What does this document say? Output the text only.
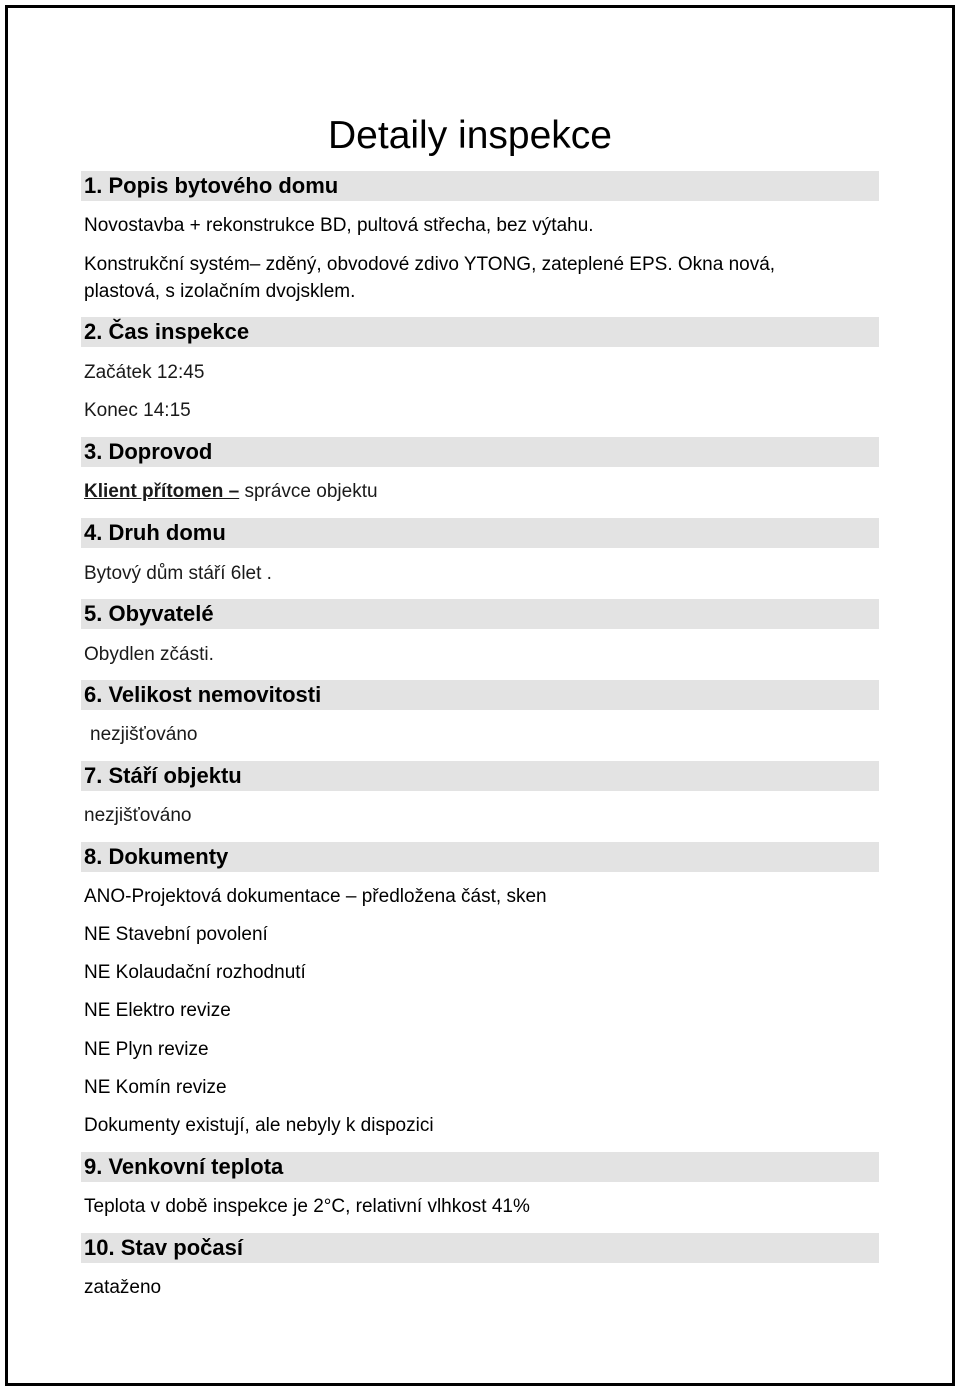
Detaily inspekce
1. Popis bytového domu
Novostavba + rekonstrukce BD, pultová střecha, bez výtahu.
Konstrukční systém– zděný, obvodové zdivo YTONG, zateplené EPS. Okna nová,
plastová, s izolačním dvojsklem.
2. Čas inspekce
Začátek 12:45
Konec 14:15
3. Doprovod
Klient přítomen – správce objektu
4. Druh domu
Bytový dům stáří 6let .
5. Obyvatelé
Obydlen zčásti.
6. Velikost nemovitosti
nezjišťováno
7. Stáří objektu
nezjišťováno
8. Dokumenty
ANO-Projektová dokumentace – předložena část, sken
NE Stavební povolení
NE Kolaudační rozhodnutí
NE Elektro revize
NE Plyn revize
NE Komín revize
Dokumenty existují, ale nebyly k dispozici
9. Venkovní teplota
Teplota v době inspekce je 2°C, relativní vlhkost 41%
10. Stav počasí
zataženo
